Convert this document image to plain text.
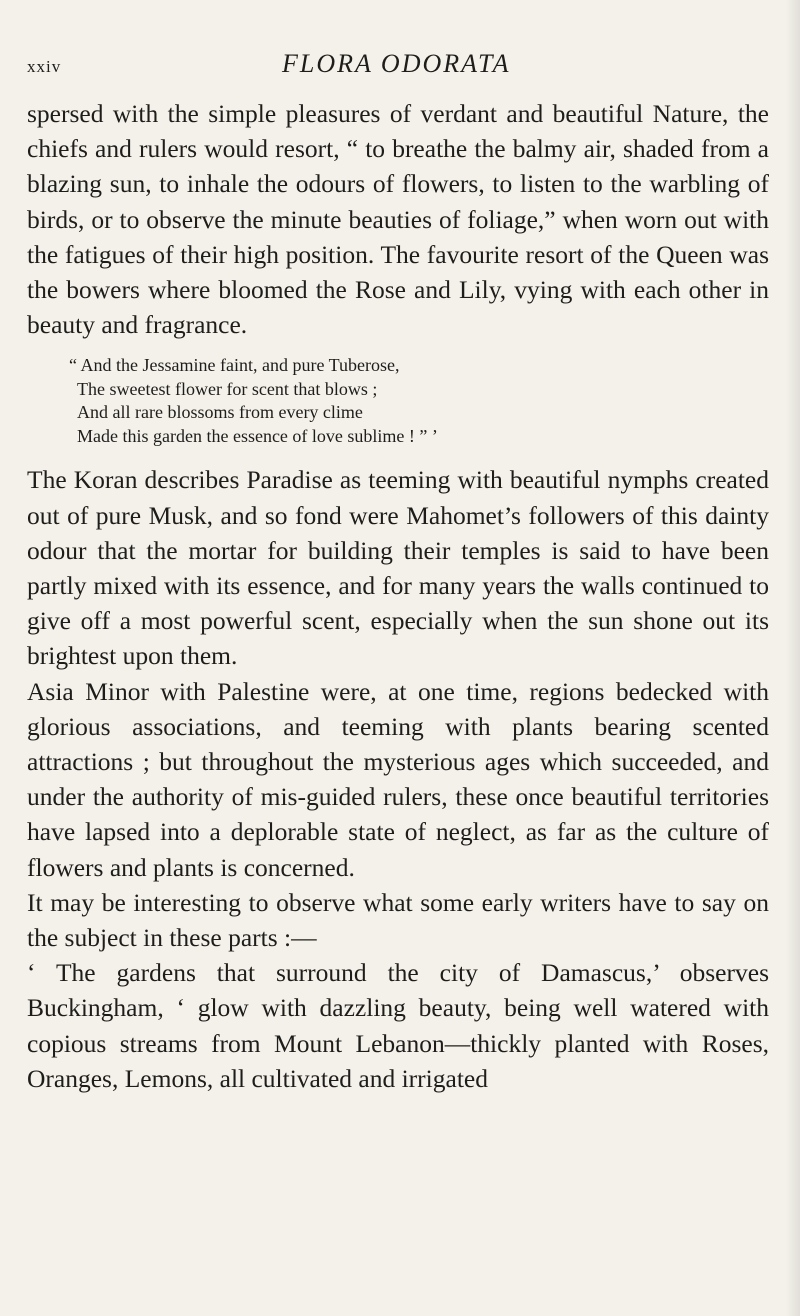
xxiv	FLORA ODORATA

spersed with the simple pleasures of verdant and beautiful Nature, the chiefs and rulers would resort, “ to breathe the balmy air, shaded from a blazing sun, to inhale the odours of flowers, to listen to the warbling of birds, or to observe the minute beauties of foliage,” when worn out with the fatigues of their high position. The favourite resort of the Queen was the bowers where bloomed the Rose and Lily, vying with each other in beauty and fragrance.

“ And the Jessamine faint, and pure Tuberose,
The sweetest flower for scent that blows ;
And all rare blossoms from every clime
Made this garden the essence of love sublime ! ” ’

The Koran describes Paradise as teeming with beautiful nymphs created out of pure Musk, and so fond were Mahomet’s followers of this dainty odour that the mortar for building their temples is said to have been partly mixed with its essence, and for many years the walls continued to give off a most powerful scent, especially when the sun shone out its brightest upon them.

Asia Minor with Palestine were, at one time, regions bedecked with glorious associations, and teeming with plants bearing scented attractions ; but throughout the mysterious ages which succeeded, and under the authority of mis-guided rulers, these once beautiful territories have lapsed into a deplorable state of neglect, as far as the culture of flowers and plants is concerned.

It may be interesting to observe what some early writers have to say on the subject in these parts :—

‘ The gardens that surround the city of Damascus,’ observes Buckingham, ‘ glow with dazzling beauty, being well watered with copious streams from Mount Lebanon—thickly planted with Roses, Oranges, Lemons, all cultivated and irrigated
